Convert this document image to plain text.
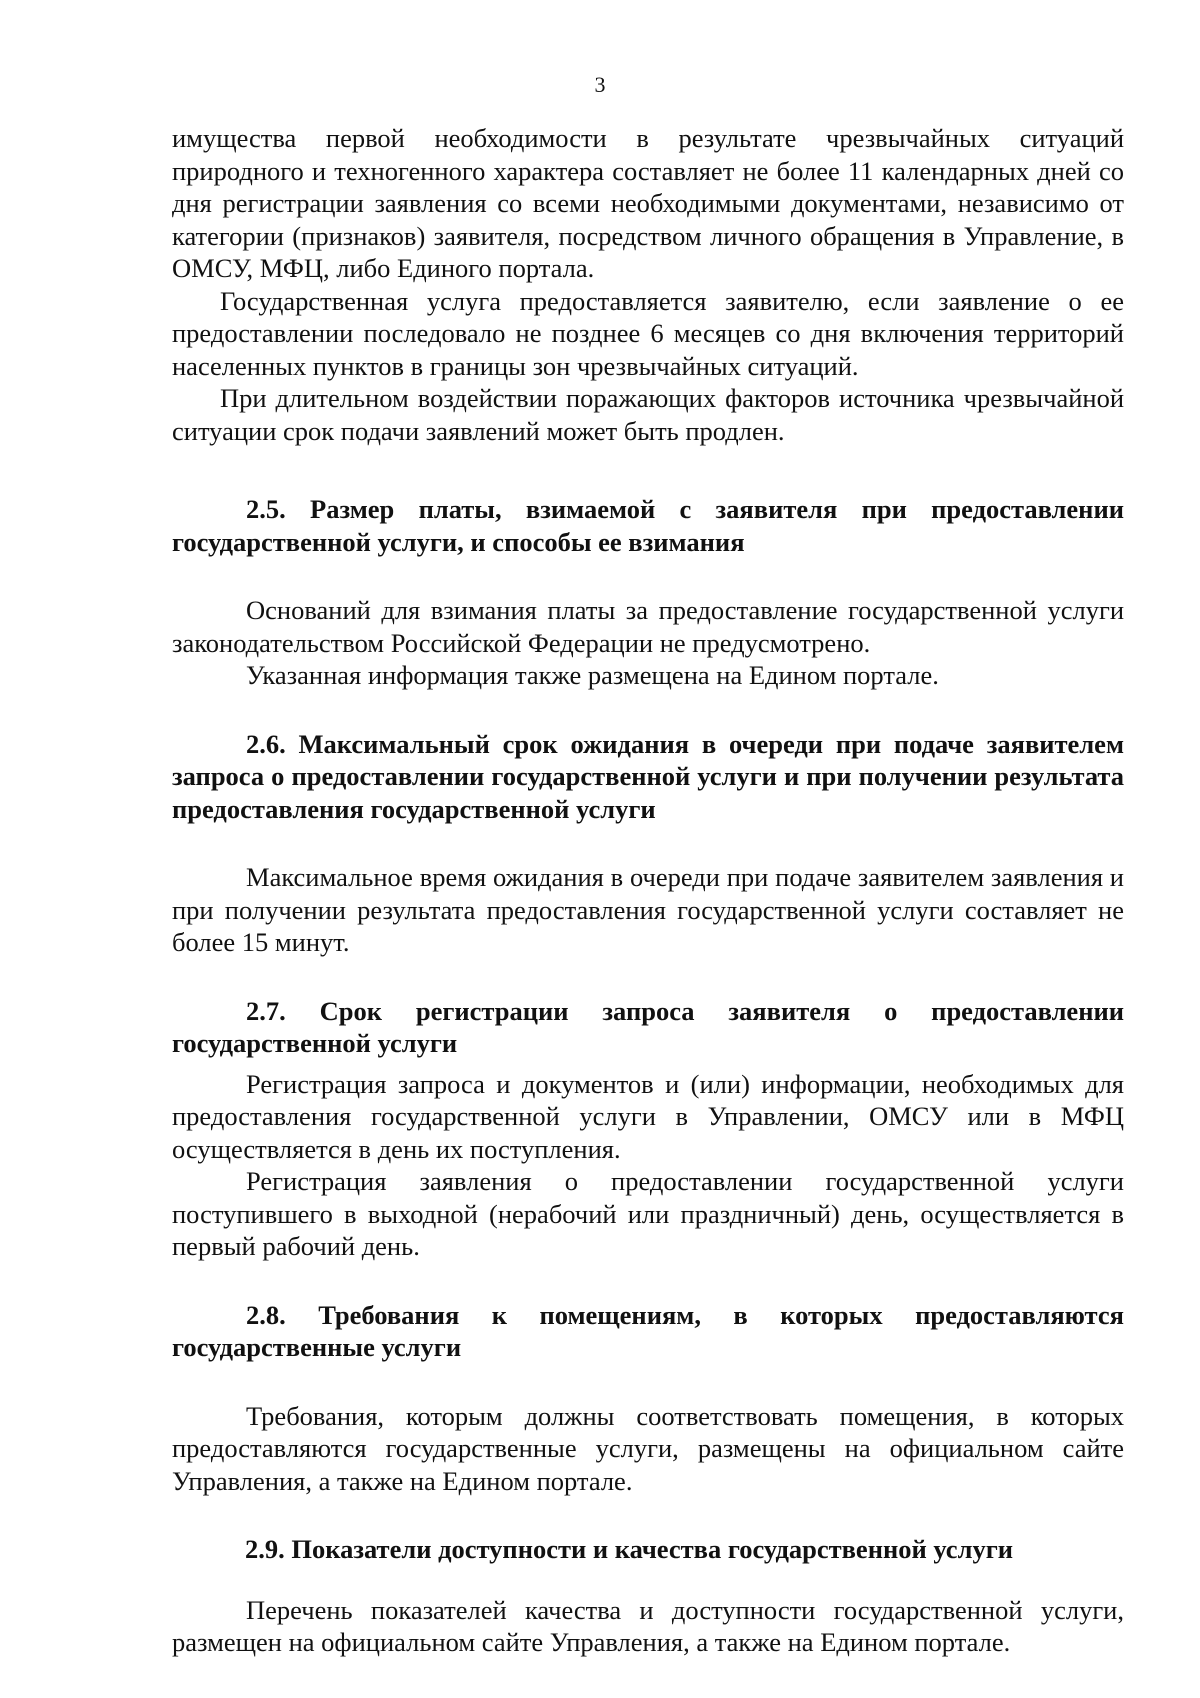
3

имущества первой необходимости в результате чрезвычайных ситуаций природного и техногенного характера составляет не более 11 календарных дней со дня регистрации заявления со всеми необходимыми документами, независимо от категории (признаков) заявителя, посредством личного обращения в Управление, в ОМСУ, МФЦ, либо Единого портала.

Государственная услуга предоставляется заявителю, если заявление о ее предоставлении последовало не позднее 6 месяцев со дня включения территорий населенных пунктов в границы зон чрезвычайных ситуаций.

При длительном воздействии поражающих факторов источника чрезвычайной ситуации срок подачи заявлений может быть продлен.

2.5. Размер платы, взимаемой с заявителя при предоставлении государственной услуги, и способы ее взимания

Оснований для взимания платы за предоставление государственной услуги законодательством Российской Федерации не предусмотрено.

Указанная информация также размещена на Едином портале.

2.6. Максимальный срок ожидания в очереди при подаче заявителем запроса о предоставлении государственной услуги и при получении результата предоставления государственной услуги

Максимальное время ожидания в очереди при подаче заявителем заявления и при получении результата предоставления государственной услуги составляет не более 15 минут.

2.7. Срок регистрации запроса заявителя о предоставлении государственной услуги

Регистрация запроса и документов и (или) информации, необходимых для предоставления государственной услуги в Управлении, ОМСУ или в МФЦ осуществляется в день их поступления.

Регистрация заявления о предоставлении государственной услуги поступившего в выходной (нерабочий или праздничный) день, осуществляется в первый рабочий день.

2.8. Требования к помещениям, в которых предоставляются государственные услуги

Требования, которым должны соответствовать помещения, в которых предоставляются государственные услуги, размещены на официальном сайте Управления, а также на Едином портале.

2.9. Показатели доступности и качества государственной услуги

Перечень показателей качества и доступности государственной услуги, размещен на официальном сайте Управления, а также на Едином портале.
